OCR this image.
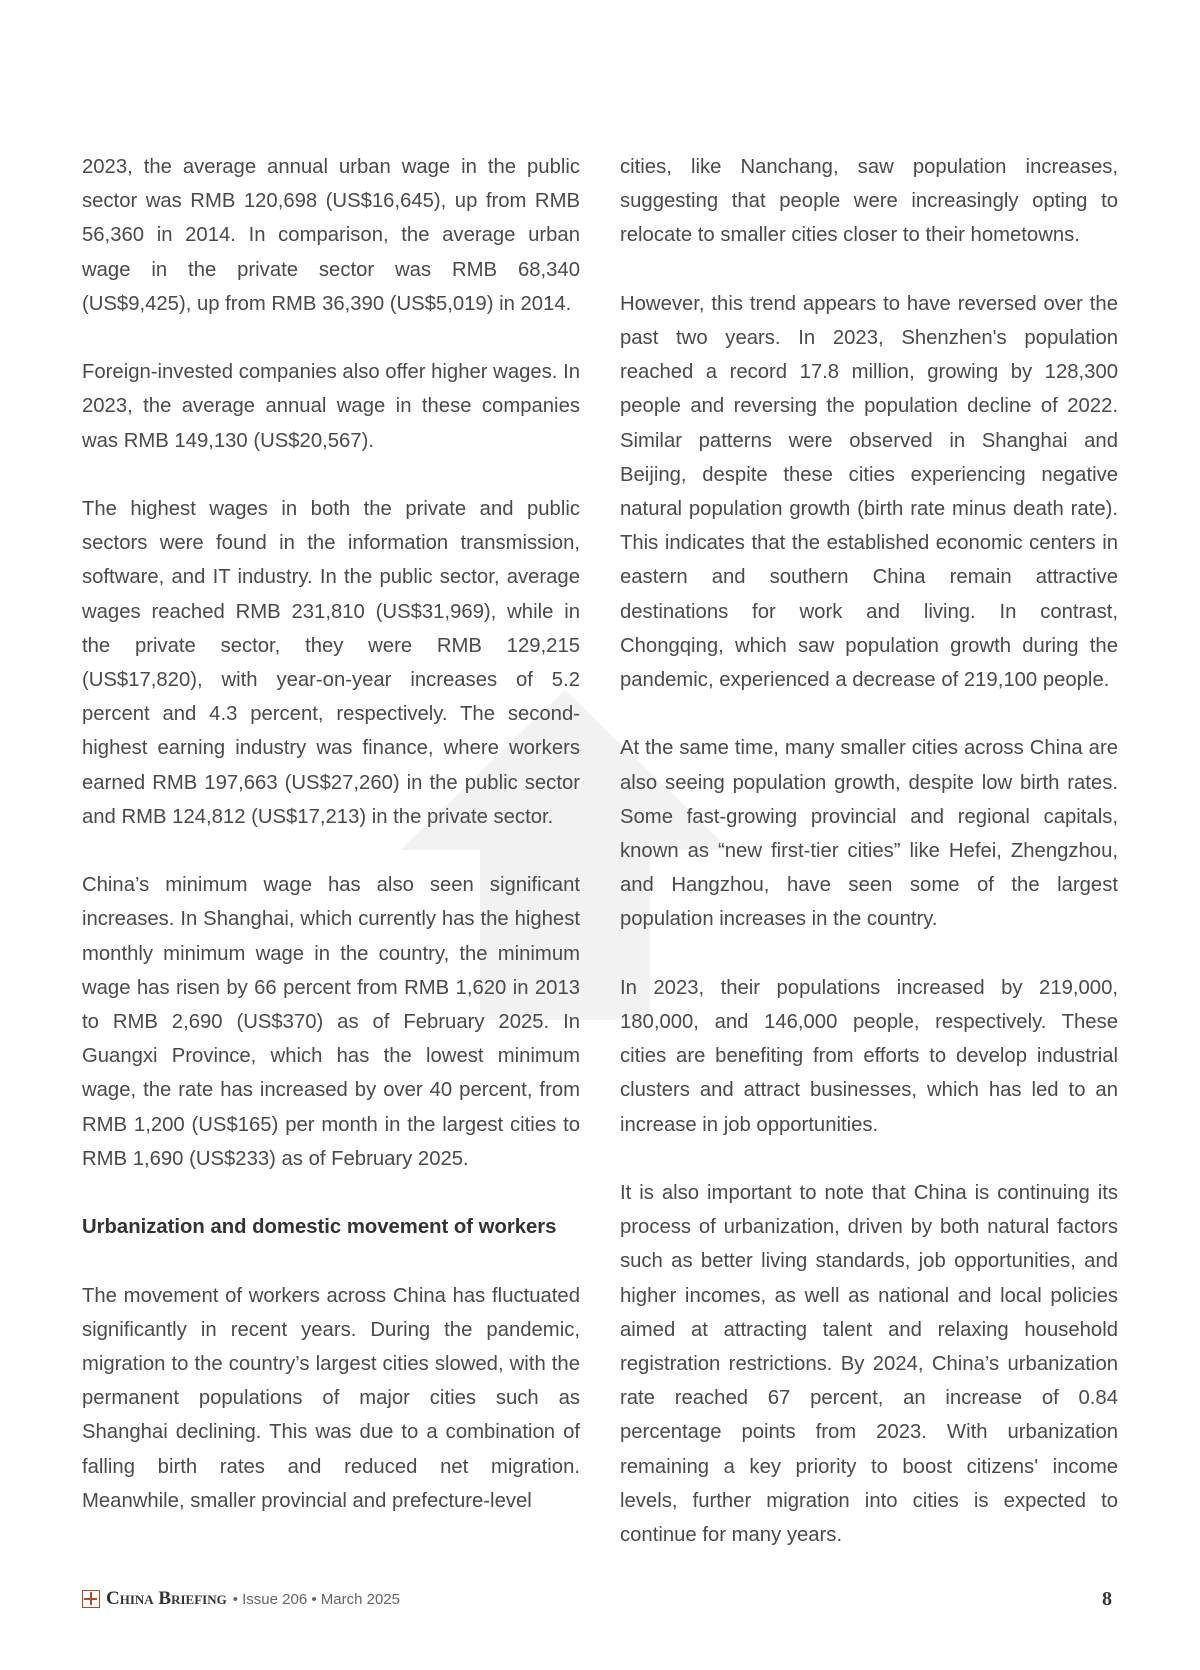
2023, the average annual urban wage in the public sector was RMB 120,698 (US$16,645), up from RMB 56,360 in 2014. In comparison, the average urban wage in the private sector was RMB 68,340 (US$9,425), up from RMB 36,390 (US$5,019) in 2014.

Foreign-invested companies also offer higher wages. In 2023, the average annual wage in these companies was RMB 149,130 (US$20,567).

The highest wages in both the private and public sectors were found in the information transmission, software, and IT industry. In the public sector, average wages reached RMB 231,810 (US$31,969), while in the private sector, they were RMB 129,215 (US$17,820), with year-on-year increases of 5.2 percent and 4.3 percent, respectively. The second-highest earning industry was finance, where workers earned RMB 197,663 (US$27,260) in the public sector and RMB 124,812 (US$17,213) in the private sector.

China’s minimum wage has also seen significant increases. In Shanghai, which currently has the highest monthly minimum wage in the country, the minimum wage has risen by 66 percent from RMB 1,620 in 2013 to RMB 2,690 (US$370) as of February 2025. In Guangxi Province, which has the lowest minimum wage, the rate has increased by over 40 percent, from RMB 1,200 (US$165) per month in the largest cities to RMB 1,690 (US$233) as of February 2025.

Urbanization and domestic movement of workers

The movement of workers across China has fluctuated significantly in recent years. During the pandemic, migration to the country’s largest cities slowed, with the permanent populations of major cities such as Shanghai declining. This was due to a combination of falling birth rates and reduced net migration. Meanwhile, smaller provincial and prefecture-level

cities, like Nanchang, saw population increases, suggesting that people were increasingly opting to relocate to smaller cities closer to their hometowns.

However, this trend appears to have reversed over the past two years. In 2023, Shenzhen's population reached a record 17.8 million, growing by 128,300 people and reversing the population decline of 2022. Similar patterns were observed in Shanghai and Beijing, despite these cities experiencing negative natural population growth (birth rate minus death rate). This indicates that the established economic centers in eastern and southern China remain attractive destinations for work and living. In contrast, Chongqing, which saw population growth during the pandemic, experienced a decrease of 219,100 people.

At the same time, many smaller cities across China are also seeing population growth, despite low birth rates. Some fast-growing provincial and regional capitals, known as “new first-tier cities” like Hefei, Zhengzhou, and Hangzhou, have seen some of the largest population increases in the country.

In 2023, their populations increased by 219,000, 180,000, and 146,000 people, respectively. These cities are benefiting from efforts to develop industrial clusters and attract businesses, which has led to an increase in job opportunities.

It is also important to note that China is continuing its process of urbanization, driven by both natural factors such as better living standards, job opportunities, and higher incomes, as well as national and local policies aimed at attracting talent and relaxing household registration restrictions. By 2024, China’s urbanization rate reached 67 percent, an increase of 0.84 percentage points from 2023. With urbanization remaining a key priority to boost citizens' income levels, further migration into cities is expected to continue for many years.

China Briefing • Issue 206 • March 2025	8
